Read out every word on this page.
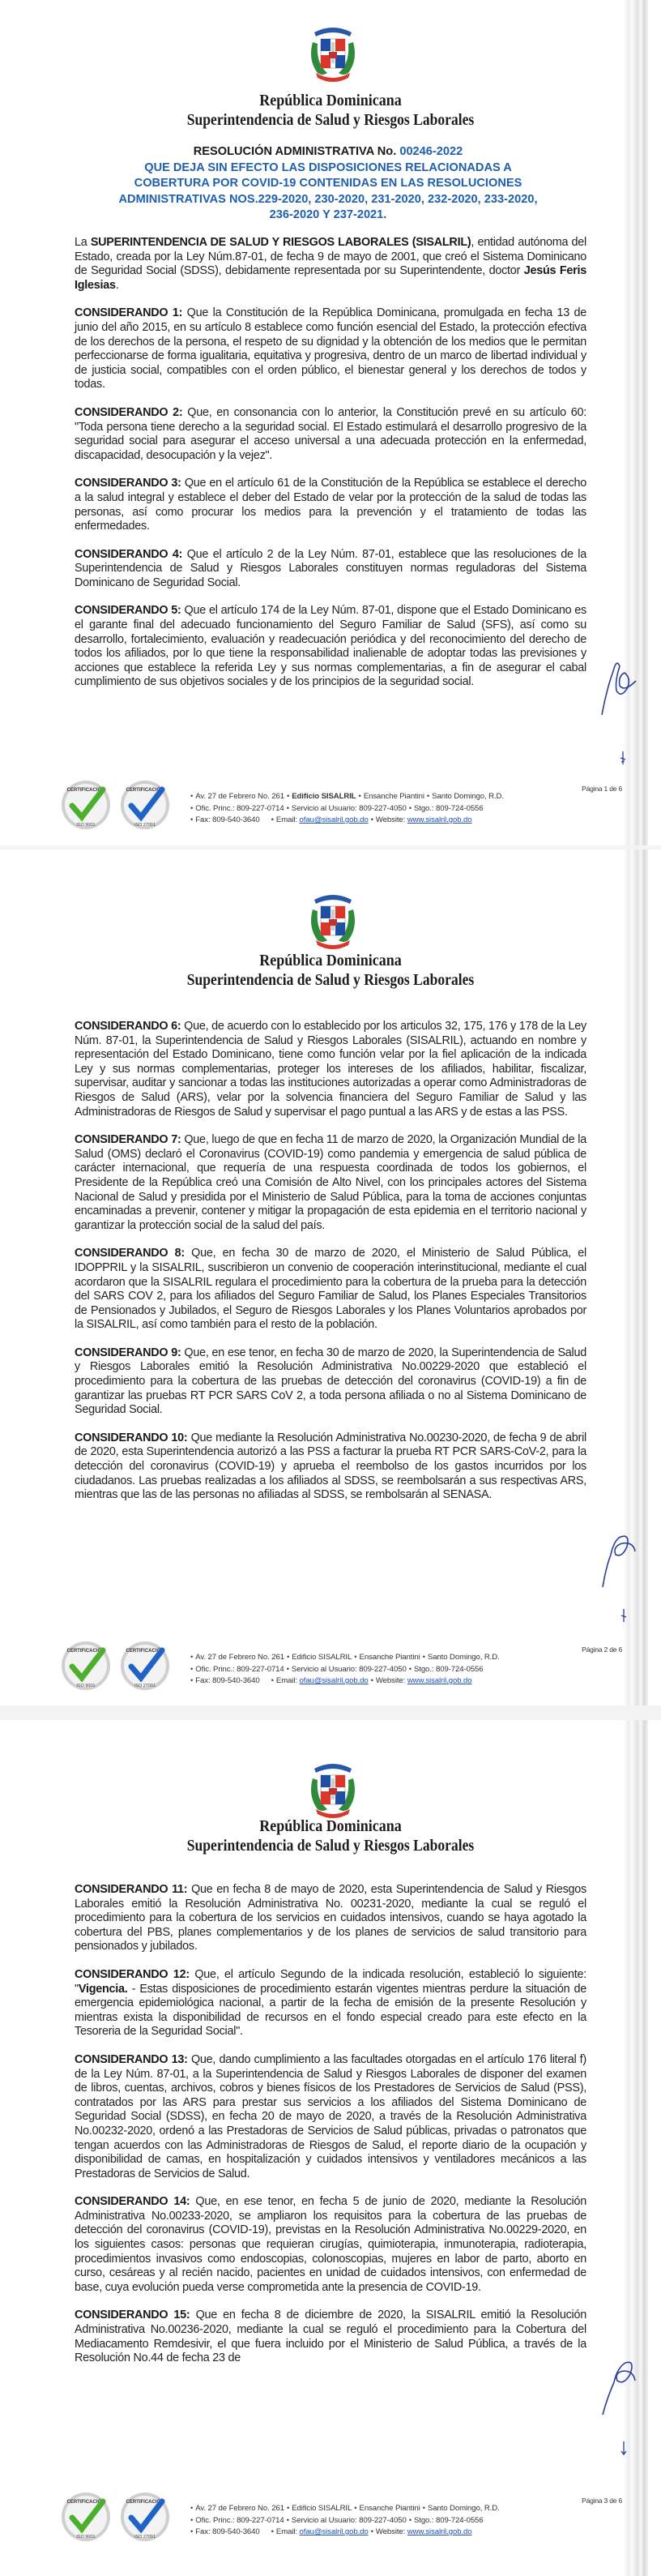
República Dominicana
Superintendencia de Salud y Riesgos Laborales
RESOLUCIÓN ADMINISTRATIVA No. 00246-2022
QUE DEJA SIN EFECTO LAS DISPOSICIONES RELACIONADAS A
COBERTURA POR COVID-19 CONTENIDAS EN LAS RESOLUCIONES
ADMINISTRATIVAS NOS.229-2020, 230-2020, 231-2020, 232-2020, 233-2020,
236-2020 Y 237-2021.

La SUPERINTENDENCIA DE SALUD Y RIESGOS LABORALES (SISALRIL), entidad autónoma del Estado, creada por la Ley Núm.87-01, de fecha 9 de mayo de 2001, que creó el Sistema Dominicano de Seguridad Social (SDSS), debidamente representada por su Superintendente, doctor Jesús Feris Iglesias.

CONSIDERANDO 1: Que la Constitución de la República Dominicana, promulgada en fecha 13 de junio del año 2015, en su artículo 8 establece como función esencial del Estado, la protección efectiva de los derechos de la persona, el respeto de su dignidad y la obtención de los medios que le permitan perfeccionarse de forma igualitaria, equitativa y progresiva, dentro de un marco de libertad individual y de justicia social, compatibles con el orden público, el bienestar general y los derechos de todos y todas.

CONSIDERANDO 2: Que, en consonancia con lo anterior, la Constitución prevé en su artículo 60: "Toda persona tiene derecho a la seguridad social. El Estado estimulará el desarrollo progresivo de la seguridad social para asegurar el acceso universal a una adecuada protección en la enfermedad, discapacidad, desocupación y la vejez".

CONSIDERANDO 3: Que en el artículo 61 de la Constitución de la República se establece el derecho a la salud integral y establece el deber del Estado de velar por la protección de la salud de todas las personas, así como procurar los medios para la prevención y el tratamiento de todas las enfermedades.

CONSIDERANDO 4: Que el artículo 2 de la Ley Núm. 87-01, establece que las resoluciones de la Superintendencia de Salud y Riesgos Laborales constituyen normas reguladoras del Sistema Dominicano de Seguridad Social.

CONSIDERANDO 5: Que el artículo 174 de la Ley Núm. 87-01, dispone que el Estado Dominicano es el garante final del adecuado funcionamiento del Seguro Familiar de Salud (SFS), así como su desarrollo, fortalecimiento, evaluación y readecuación periódica y del reconocimiento del derecho de todos los afiliados, por lo que tiene la responsabilidad inalienable de adoptar todas las previsiones y acciones que establece la referida Ley y sus normas complementarias, a fin de asegurar el cabal cumplimiento de sus objetivos sociales y de los principios de la seguridad social.

CERTIFICACIÓN
ISO 9001
CERTIFICACIÓN
ISO 27001
• Av. 27 de Febrero No. 261 • Edificio SISALRIL • Ensanche Piantini • Santo Domingo, R.D.
• Ofic. Princ.: 809-227-0714 • Servicio al Usuario: 809-227-4050 • Stgo.: 809-724-0556
• Fax: 809-540-3640 • Email: ofau@sisalril.gob.do • Website: www.sisalril.gob.do
Página 1 de 6
República Dominicana
Superintendencia de Salud y Riesgos Laborales

CONSIDERANDO 6: Que, de acuerdo con lo establecido por los articulos 32, 175, 176 y 178 de la Ley Núm. 87-01, la Superintendencia de Salud y Riesgos Laborales (SISALRIL), actuando en nombre y representación del Estado Dominicano, tiene como función velar por la fiel aplicación de la indicada Ley y sus normas complementarias, proteger los intereses de los afiliados, habilitar, fiscalizar, supervisar, auditar y sancionar a todas las instituciones autorizadas a operar como Administradoras de Riesgos de Salud (ARS), velar por la solvencia financiera del Seguro Familiar de Salud y las Administradoras de Riesgos de Salud y supervisar el pago puntual a las ARS y de estas a las PSS.

CONSIDERANDO 7: Que, luego de que en fecha 11 de marzo de 2020, la Organización Mundial de la Salud (OMS) declaró el Coronavirus (COVID-19) como pandemia y emergencia de salud pública de carácter internacional, que requería de una respuesta coordinada de todos los gobiernos, el Presidente de la República creó una Comisión de Alto Nivel, con los principales actores del Sistema Nacional de Salud y presidida por el Ministerio de Salud Pública, para la toma de acciones conjuntas encaminadas a prevenir, contener y mitigar la propagación de esta epidemia en el territorio nacional y garantizar la protección social de la salud del país.

CONSIDERANDO 8: Que, en fecha 30 de marzo de 2020, el Ministerio de Salud Pública, el IDOPPRIL y la SISALRIL, suscribieron un convenio de cooperación interinstitucional, mediante el cual acordaron que la SISALRIL regulara el procedimiento para la cobertura de la prueba para la detección del SARS COV 2, para los afiliados del Seguro Familiar de Salud, los Planes Especiales Transitorios de Pensionados y Jubilados, el Seguro de Riesgos Laborales y los Planes Voluntarios aprobados por la SISALRIL, así como también para el resto de la población.

CONSIDERANDO 9: Que, en ese tenor, en fecha 30 de marzo de 2020, la Superintendencia de Salud y Riesgos Laborales emitió la Resolución Administrativa No.00229-2020 que estableció el procedimiento para la cobertura de las pruebas de detección del coronavirus (COVID-19) a fin de garantizar las pruebas RT PCR SARS CoV 2, a toda persona afiliada o no al Sistema Dominicano de Seguridad Social.

CONSIDERANDO 10: Que mediante la Resolución Administrativa No.00230-2020, de fecha 9 de abril de 2020, esta Superintendencia autorizó a las PSS a facturar la prueba RT PCR SARS-CoV-2, para la detección del coronavirus (COVID-19) y aprueba el reembolso de los gastos incurridos por los ciudadanos. Las pruebas realizadas a los afiliados al SDSS, se reembolsarán a sus respectivas ARS, mientras que las de las personas no afiliadas al SDSS, se rembolsarán al SENASA.

CERTIFICACIÓN
ISO 9001
CERTIFICACIÓN
ISO 27001
• Av. 27 de Febrero No. 261 • Edificio SISALRIL • Ensanche Piantini • Santo Domingo, R.D.
• Ofic. Princ.: 809-227-0714 • Servicio al Usuario: 809-227-4050 • Stgo.: 809-724-0556
• Fax: 809-540-3640 • Email: ofau@sisalril.gob.do • Website: www.sisalril.gob.do
Página 2 de 6
República Dominicana
Superintendencia de Salud y Riesgos Laborales

CONSIDERANDO 11: Que en fecha 8 de mayo de 2020, esta Superintendencia de Salud y Riesgos Laborales emitió la Resolución Administrativa No. 00231-2020, mediante la cual se reguló el procedimiento para la cobertura de los servicios en cuidados intensivos, cuando se haya agotado la cobertura del PBS, planes complementarios y de los planes de servicios de salud transitorio para pensionados y jubilados.

CONSIDERANDO 12: Que, el artículo Segundo de la indicada resolución, estableció lo siguiente: "Vigencia. - Estas disposiciones de procedimiento estarán vigentes mientras perdure la situación de emergencia epidemiológica nacional, a partir de la fecha de emisión de la presente Resolución y mientras exista la disponibilidad de recursos en el fondo especial creado para este efecto en la Tesoreria de la Seguridad Social".

CONSIDERANDO 13: Que, dando cumplimiento a las facultades otorgadas en el artículo 176 literal f) de la Ley Núm. 87-01, a la Superintendencia de Salud y Riesgos Laborales de disponer del examen de libros, cuentas, archivos, cobros y bienes físicos de los Prestadores de Servicios de Salud (PSS), contratados por las ARS para prestar sus servicios a los afiliados del Sistema Dominicano de Seguridad Social (SDSS), en fecha 20 de mayo de 2020, a través de la Resolución Administrativa No.00232-2020, ordenó a las Prestadoras de Servicios de Salud públicas, privadas o patronatos que tengan acuerdos con las Administradoras de Riesgos de Salud, el reporte diario de la ocupación y disponibilidad de camas, en hospitalización y cuidados intensivos y ventiladores mecánicos a las Prestadoras de Servicios de Salud.

CONSIDERANDO 14: Que, en ese tenor, en fecha 5 de junio de 2020, mediante la Resolución Administrativa No.00233-2020, se ampliaron los requisitos para la cobertura de las pruebas de detección del coronavirus (COVID-19), previstas en la Resolución Administrativa No.00229-2020, en los siguientes casos: personas que requieran cirugías, quimioterapia, inmunoterapia, radioterapia, procedimientos invasivos como endoscopias, colonoscopias, mujeres en labor de parto, aborto en curso, cesáreas y al recién nacido, pacientes en unidad de cuidados intensivos, con enfermedad de base, cuya evolución pueda verse comprometida ante la presencia de COVID-19.

CONSIDERANDO 15: Que en fecha 8 de diciembre de 2020, la SISALRIL emitió la Resolución Administrativa No.00236-2020, mediante la cual se reguló el procedimiento para la Cobertura del Mediacamento Remdesivir, el que fuera incluido por el Ministerio de Salud Pública, a través de la Resolución No.44 de fecha 23 de

CERTIFICACIÓN
ISO 9001
CERTIFICACIÓN
ISO 27001
• Av. 27 de Febrero No. 261 • Edificio SISALRIL • Ensanche Piantini • Santo Domingo, R.D.
• Ofic. Princ.: 809-227-0714 • Servicio al Usuario: 809-227-4050 • Stgo.: 809-724-0556
• Fax: 809-540-3640 • Email: ofau@sisalril.gob.do • Website: www.sisalril.gob.do
Página 3 de 6
